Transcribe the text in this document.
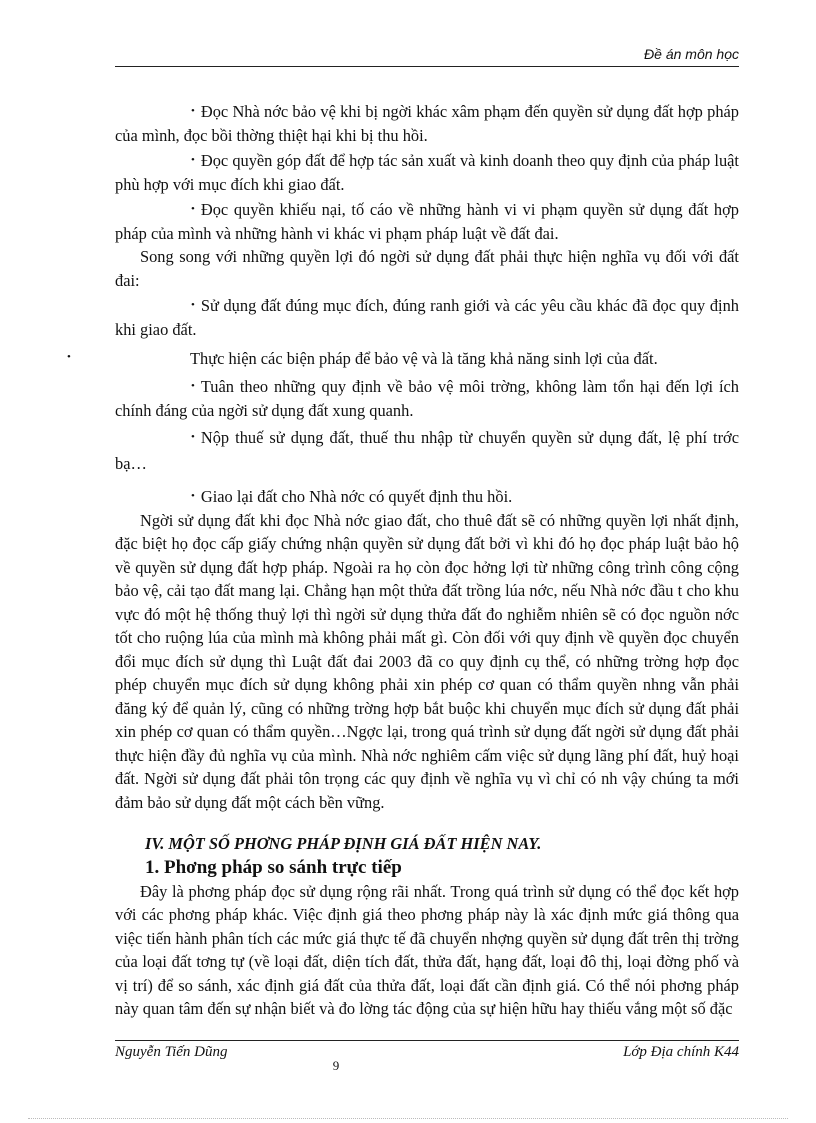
Đề án môn học

• Đọc Nhà nớc bảo vệ khi bị ngời khác xâm phạm đến quyền sử dụng đất hợp pháp của mình, đọc bồi thờng thiệt hại khi bị thu hồi.

• Đọc quyền góp đất để hợp tác sản xuất và kinh doanh theo quy định của pháp luật phù hợp với mục đích khi giao đất.

• Đọc quyền khiếu nại, tố cáo về những hành vi vi phạm quyền sử dụng đất hợp pháp của mình và những hành vi khác vi phạm pháp luật về đất đai.

Song song với những quyền lợi đó ngời sử dụng đất phải thực hiện nghĩa vụ đối với đất đai:

• Sử dụng đất đúng mục đích, đúng ranh giới và các yêu cầu khác đã đọc quy định khi giao đất.

•	Thực hiện các biện pháp để bảo vệ và là tăng khả năng sinh lợi của đất.

• Tuân theo những quy định về bảo vệ môi trờng, không làm tổn hại đến lợi ích chính đáng của ngời sử dụng đất xung quanh.

• Nộp thuế sử dụng đất, thuế thu nhập từ chuyển quyền sử dụng đất, lệ phí trớc bạ…

• Giao lại đất cho Nhà nớc có quyết định thu hồi.

Ngời sử dụng đất khi đọc Nhà nớc giao đất, cho thuê đất sẽ có những quyền lợi nhất định, đặc biệt họ đọc cấp giấy chứng nhận quyền sử dụng đất bởi vì khi đó họ đọc pháp luật bảo hộ về quyền sử dụng đất hợp pháp. Ngoài ra họ còn đọc hởng lợi từ những công trình công cộng bảo vệ, cải tạo đất mang lại. Chẳng hạn một thửa đất trồng lúa nớc, nếu Nhà nớc đầu t cho khu vực đó một hệ thống thuỷ lợi thì ngời sử dụng thửa đất đo nghiễm nhiên sẽ có đọc nguồn nớc tốt cho ruộng lúa của mình mà không phải mất gì. Còn đối với quy định về quyền đọc chuyển đổi mục đích sử dụng thì Luật đất đai 2003 đã co quy định cụ thể, có những trờng hợp đọc phép chuyển mục đích sử dụng không phải xin phép cơ quan có thẩm quyền nhng vẫn phải đăng ký để quản lý, cũng có những trờng hợp bắt buộc khi chuyển mục đích sử dụng đất phải xin phép cơ quan có thẩm quyền…Ngợc lại, trong quá trình sử dụng đất ngời sử dụng đất phải thực hiện đầy đủ nghĩa vụ của mình. Nhà nớc nghiêm cấm việc sử dụng lãng phí đất, huỷ hoại đất. Ngời sử dụng đất phải tôn trọng các quy định về nghĩa vụ vì chỉ có nh vậy chúng ta mới đảm bảo sử dụng đất một cách bền vững.

IV. MỘT SỐ PHƠNG PHÁP ĐỊNH GIÁ ĐẤT HIỆN NAY.

1. Phơng pháp so sánh trực tiếp

Đây là phơng pháp đọc sử dụng rộng rãi nhất. Trong quá trình sử dụng có thể đọc kết hợp với các phơng pháp khác. Việc định giá theo phơng pháp này là xác định mức giá thông qua việc tiến hành phân tích các mức giá thực tế đã chuyển nhợng quyền sử dụng đất trên thị trờng của loại đất tơng tự (về loại đất, diện tích đất, thửa đất, hạng đất, loại đô thị, loại đờng phố và vị trí) để so sánh, xác định giá đất của thửa đất, loại đất cần định giá. Có thể nói phơng pháp này quan tâm đến sự nhận biết và đo lờng tác động của sự hiện hữu hay thiếu vắng một số đặc

Nguyễn Tiến Dũng	Lớp Địa chính K44
9
